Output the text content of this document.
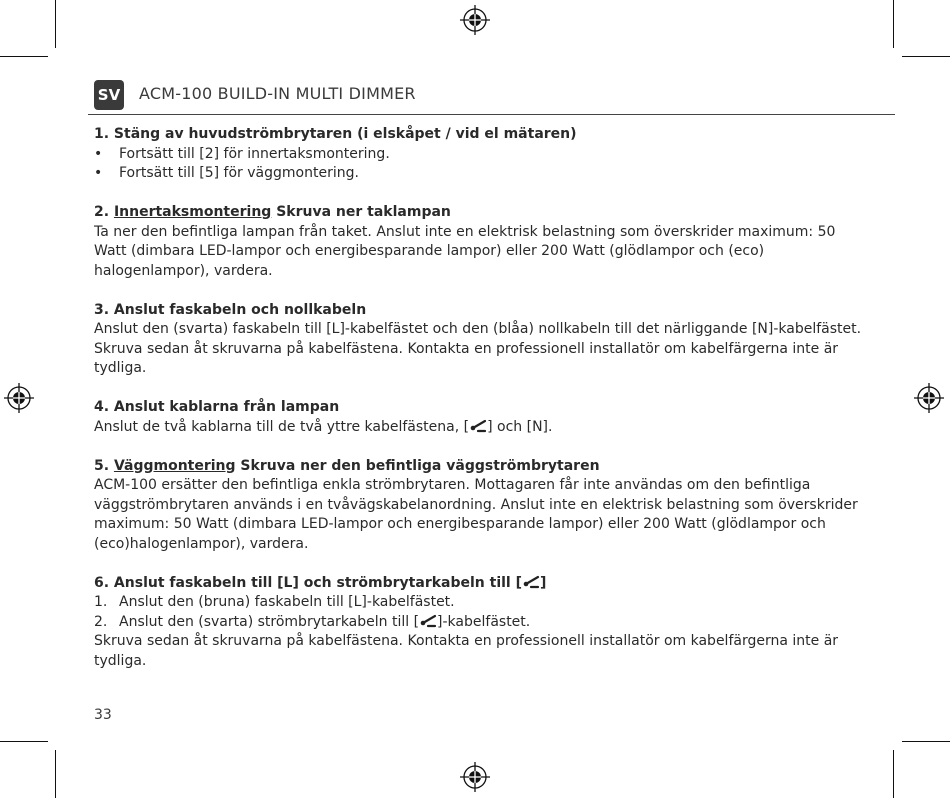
SV ACM-100 BUILD-IN MULTI DIMMER

1. Stäng av huvudströmbrytaren (i elskåpet / vid el mätaren)

• Fortsätt till [2] för innertaksmontering.
• Fortsätt till [5] för väggmontering.

2. Innertaksmontering Skruva ner taklampan

Ta ner den befintliga lampan från taket. Anslut inte en elektrisk belastning som överskrider maximum: 50 Watt (dimbara LED-lampor och energibesparande lampor) eller 200 Watt (glödlampor och (eco) halogenlampor), vardera.

3. Anslut faskabeln och nollkabeln

Anslut den (svarta) faskabeln till [L]-kabelfästet och den (blåa) nollkabeln till det närliggande [N]-kabelfästet. Skruva sedan åt skruvarna på kabelfästena. Kontakta en professionell installatör om kabelfärgerna inte är tydliga.

4. Anslut kablarna från lampan

Anslut de två kablarna till de två yttre kabelfästena, [ ] och [N].

5. Väggmontering Skruva ner den befintliga väggströmbrytaren

ACM-100 ersätter den befintliga enkla strömbrytaren. Mottagaren får inte användas om den befintliga väggströmbrytaren används i en tvåvägskabelanordning. Anslut inte en elektrisk belastning som överskrider maximum: 50 Watt (dimbara LED-lampor och energibesparande lampor) eller 200 Watt (glödlampor och (eco)halogenlampor), vardera.

6. Anslut faskabeln till [L] och strömbrytarkabeln till [ ]

1. Anslut den (bruna) faskabeln till [L]-kabelfästet.
2. Anslut den (svarta) strömbrytarkabeln till [ ]-kabelfästet.

Skruva sedan åt skruvarna på kabelfästena. Kontakta en professionell installatör om kabelfärgerna inte är tydliga.

33
